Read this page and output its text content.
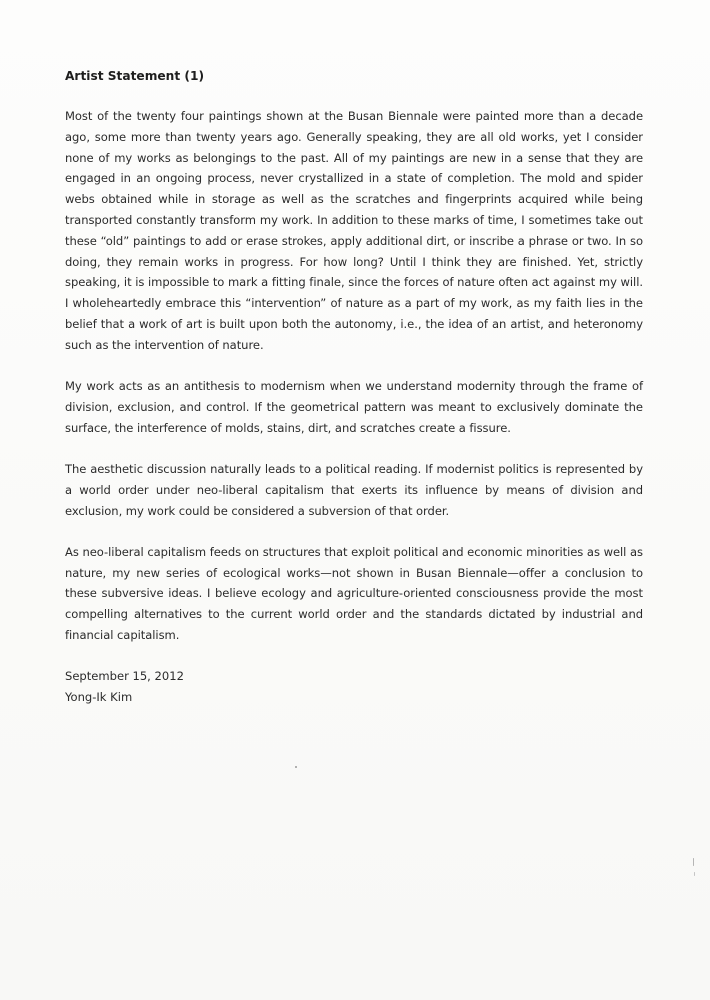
Artist Statement (1)

Most of the twenty four paintings shown at the Busan Biennale were painted more than a decade ago, some more than twenty years ago. Generally speaking, they are all old works, yet I consider none of my works as belongings to the past. All of my paintings are new in a sense that they are engaged in an ongoing process, never crystallized in a state of completion. The mold and spider webs obtained while in storage as well as the scratches and fingerprints acquired while being transported constantly transform my work. In addition to these marks of time, I sometimes take out these “old” paintings to add or erase strokes, apply additional dirt, or inscribe a phrase or two. In so doing, they remain works in progress. For how long? Until I think they are finished. Yet, strictly speaking, it is impossible to mark a fitting finale, since the forces of nature often act against my will. I wholeheartedly embrace this “intervention” of nature as a part of my work, as my faith lies in the belief that a work of art is built upon both the autonomy, i.e., the idea of an artist, and heteronomy such as the intervention of nature.

My work acts as an antithesis to modernism when we understand modernity through the frame of division, exclusion, and control. If the geometrical pattern was meant to exclusively dominate the surface, the interference of molds, stains, dirt, and scratches create a fissure.

The aesthetic discussion naturally leads to a political reading. If modernist politics is represented by a world order under neo-liberal capitalism that exerts its influence by means of division and exclusion, my work could be considered a subversion of that order.

As neo-liberal capitalism feeds on structures that exploit political and economic minorities as well as nature, my new series of ecological works—not shown in Busan Biennale—offer a conclusion to these subversive ideas. I believe ecology and agriculture-oriented consciousness provide the most compelling alternatives to the current world order and the standards dictated by industrial and financial capitalism.

September 15, 2012

Yong-Ik Kim
